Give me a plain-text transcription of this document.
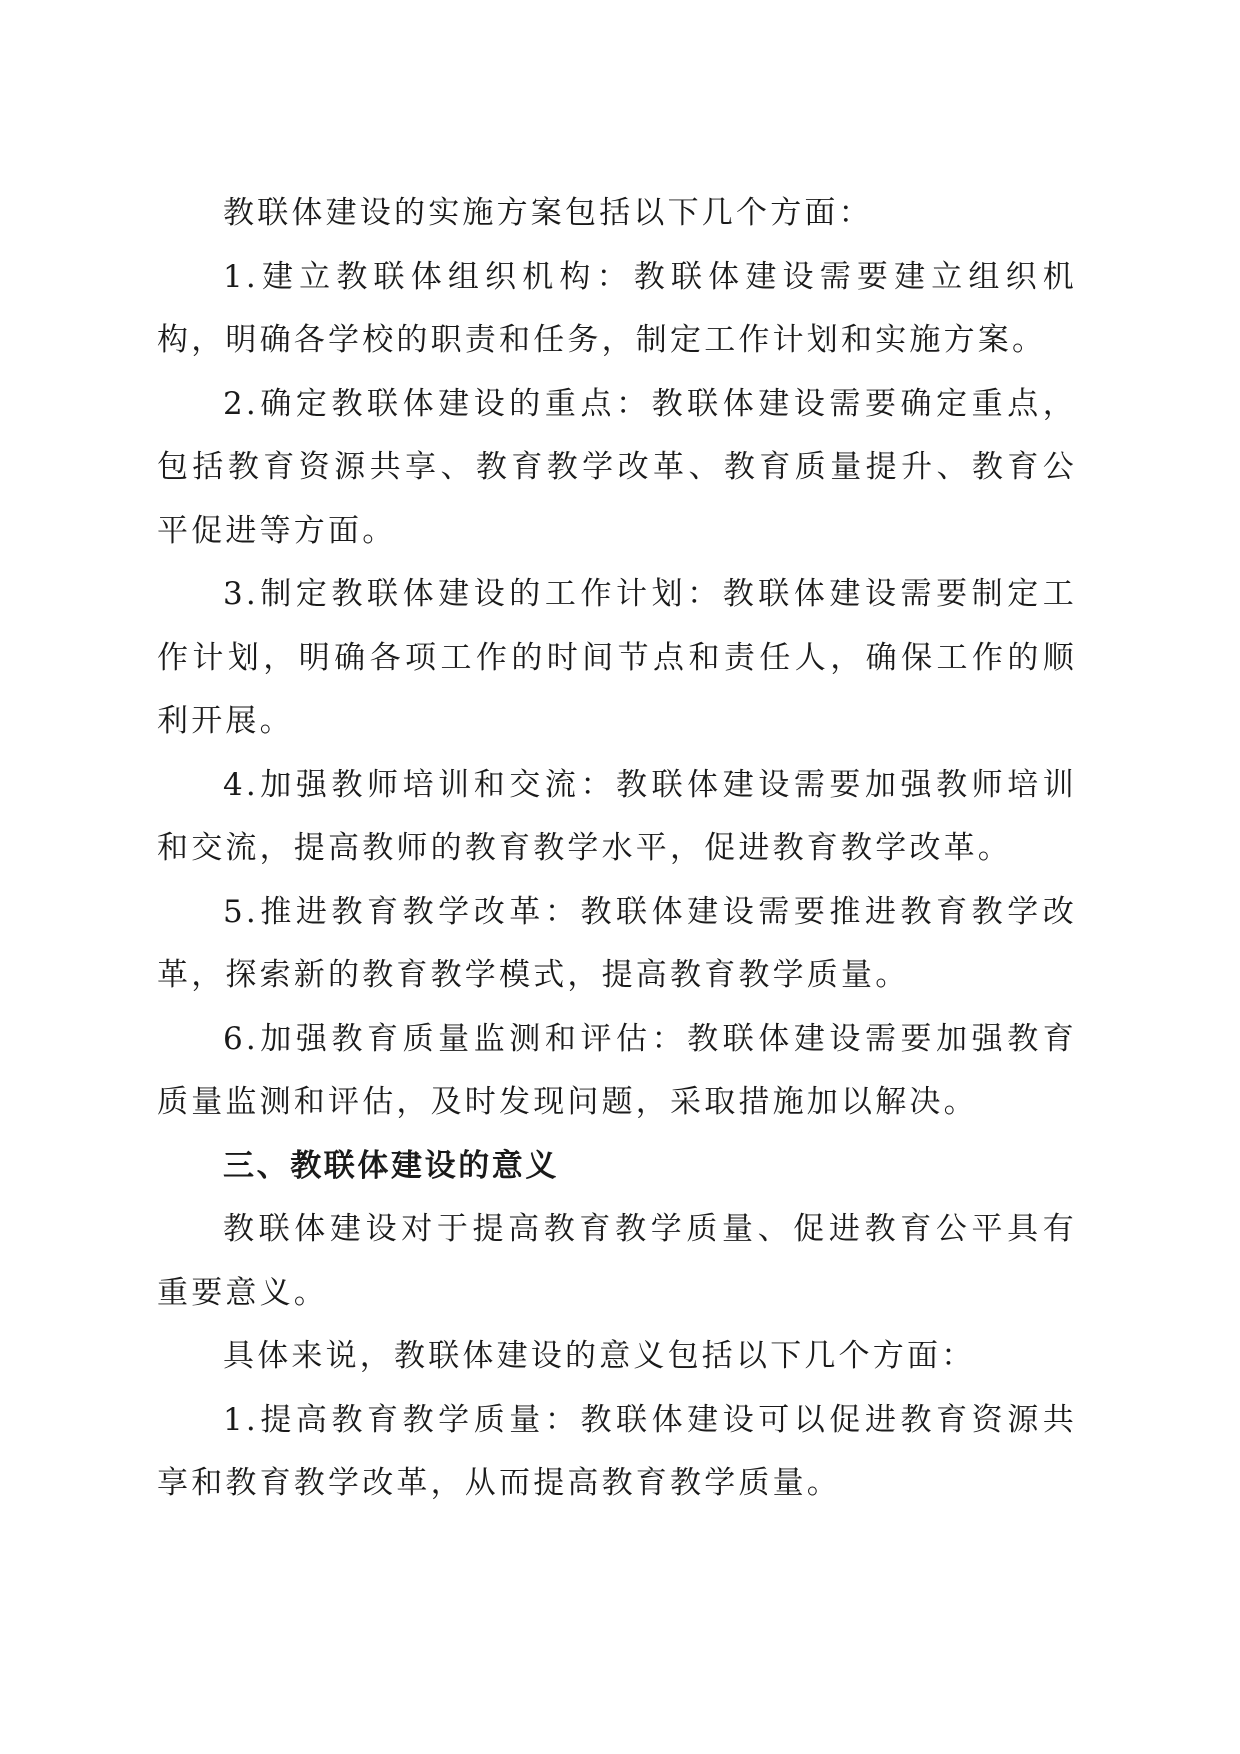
教联体建设的实施方案包括以下几个方面：

1.建立教联体组织机构：教联体建设需要建立组织机构，明确各学校的职责和任务，制定工作计划和实施方案。

2.确定教联体建设的重点：教联体建设需要确定重点，包括教育资源共享、教育教学改革、教育质量提升、教育公平促进等方面。

3.制定教联体建设的工作计划：教联体建设需要制定工作计划，明确各项工作的时间节点和责任人，确保工作的顺利开展。

4.加强教师培训和交流：教联体建设需要加强教师培训和交流，提高教师的教育教学水平，促进教育教学改革。

5.推进教育教学改革：教联体建设需要推进教育教学改革，探索新的教育教学模式，提高教育教学质量。

6.加强教育质量监测和评估：教联体建设需要加强教育质量监测和评估，及时发现问题，采取措施加以解决。

三、教联体建设的意义

教联体建设对于提高教育教学质量、促进教育公平具有重要意义。

具体来说，教联体建设的意义包括以下几个方面：

1.提高教育教学质量：教联体建设可以促进教育资源共享和教育教学改革，从而提高教育教学质量。
